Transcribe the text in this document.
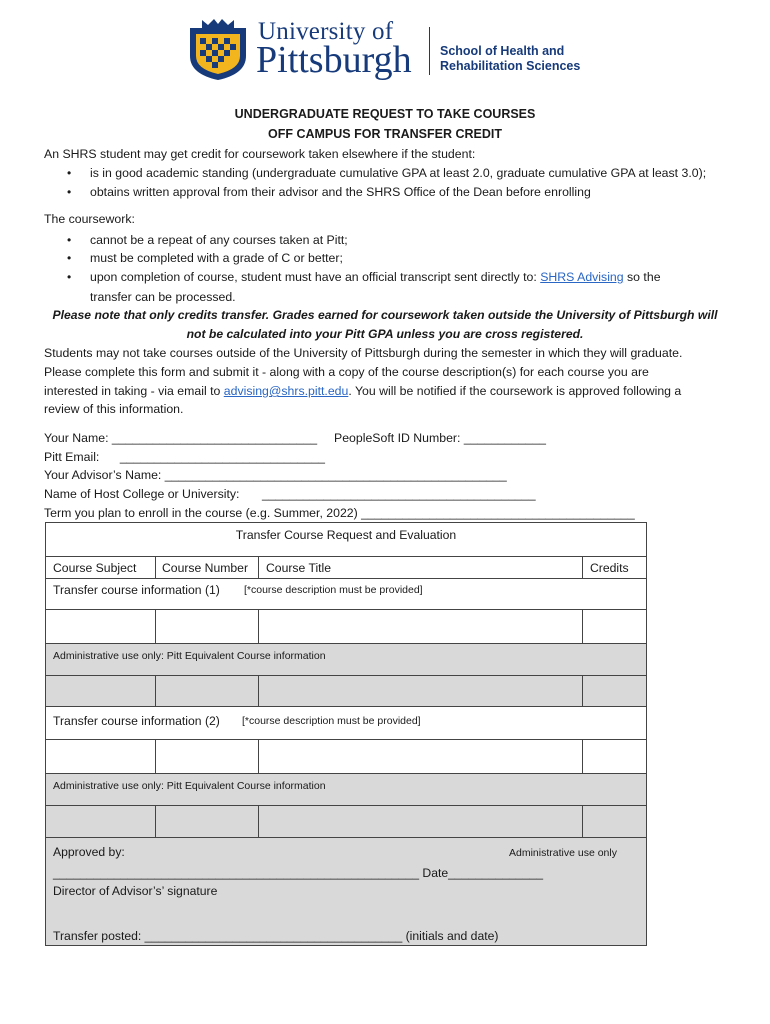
University of
Pittsburgh School of Health and
Rehabilitation Sciences
UNDERGRADUATE REQUEST TO TAKE COURSES
OFF CAMPUS FOR TRANSFER CREDIT
An SHRS student may get credit for coursework taken elsewhere if the student:
• is in good academic standing (undergraduate cumulative GPA at least 2.0, graduate cumulative GPA at least 3.0);
• obtains written approval from their advisor and the SHRS Office of the Dean before enrolling
The coursework:
• cannot be a repeat of any courses taken at Pitt;
• must be completed with a grade of C or better;
• upon completion of course, student must have an official transcript sent directly to: SHRS Advising so the
transfer can be processed.
Please note that only credits transfer. Grades earned for coursework taken outside the University of Pittsburgh will
not be calculated into your Pitt GPA unless you are cross registered.
Students may not take courses outside of the University of Pittsburgh during the semester in which they will graduate.
Please complete this form and submit it - along with a copy of the course description(s) for each course you are
interested in taking - via email to advising@shrs.pitt.edu. You will be notified if the coursework is approved following a
review of this information.
Your Name: ______________________________ PeopleSoft ID Number: ____________
Pitt Email:      ______________________________
Your Advisor’s Name: __________________________________________________
Name of Host College or University: ________________________________________
Term you plan to enroll in the course (e.g. Summer, 2022) ________________________________________
Transfer Course Request and Evaluation
Course Subject Course Number Course Title	Credits
Transfer course information (1) [*course description must be provided]
Administrative use only: Pitt Equivalent Course information
Transfer course information (2) [*course description must be provided]
Administrative use only: Pitt Equivalent Course information
Approved by:	Administrative use only
______________________________________________________ Date______________
Director of Advisor’s’ signature
Transfer posted: ______________________________________ (initials and date)
